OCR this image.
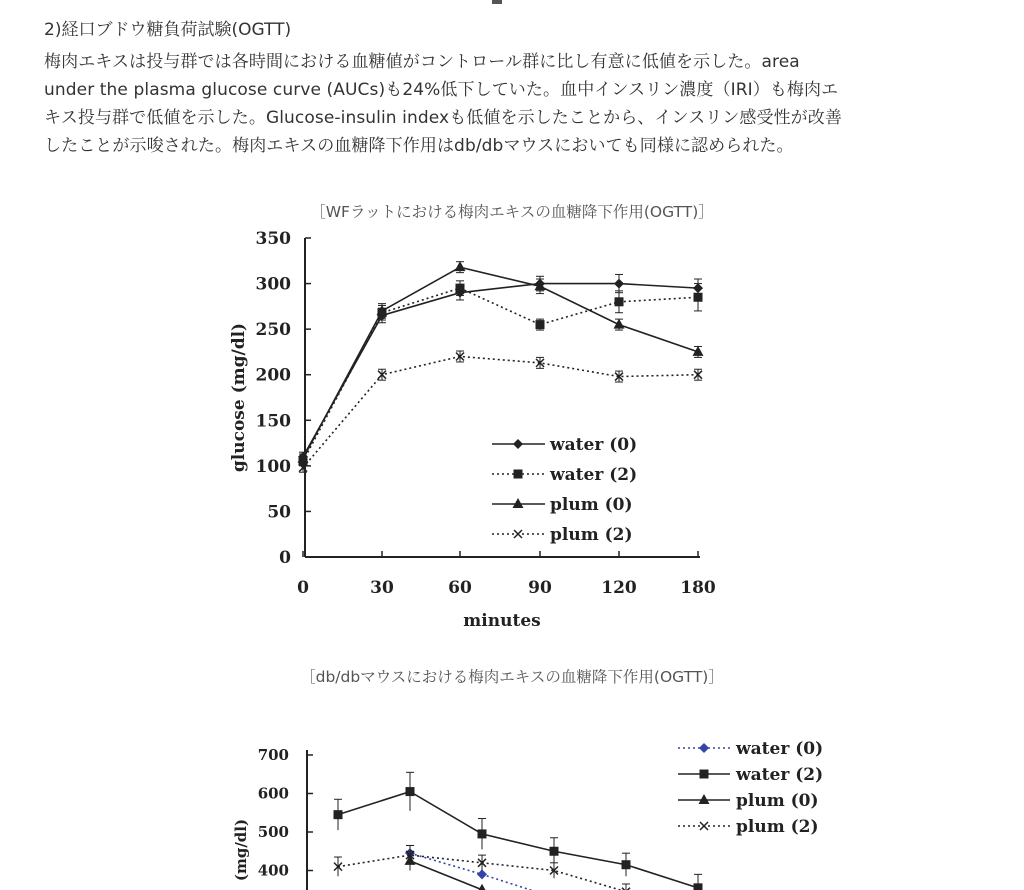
2)経口ブドウ糖負荷試験(OGTT)

梅肉エキスは投与群では各時間における血糖値がコントロール群に比し有意に低値を示した。area

under the plasma glucose curve (AUCs)も24%低下していた。血中インスリン濃度（IRI）も梅肉エ

キス投与群で低値を示した。Glucose-insulin indexも低値を示したことから、インスリン感受性が改善

したことが示唆された。梅肉エキスの血糖降下作用はdb/dbマウスにおいても同様に認められた。

［WFラットにおける梅肉エキスの血糖降下作用(OGTT)］
0
50
100
150
200
250
300
350
0	30	60	90	120	180
minutes
glucose (mg/dl)	water (0)
water (2)
plum (0)
plum (2)
［db/dbマウスにおける梅肉エキスの血糖降下作用(OGTT)］
700
600
500
400
(mg/dl)
water (0)
water (2)
plum (0)
plum (2)
